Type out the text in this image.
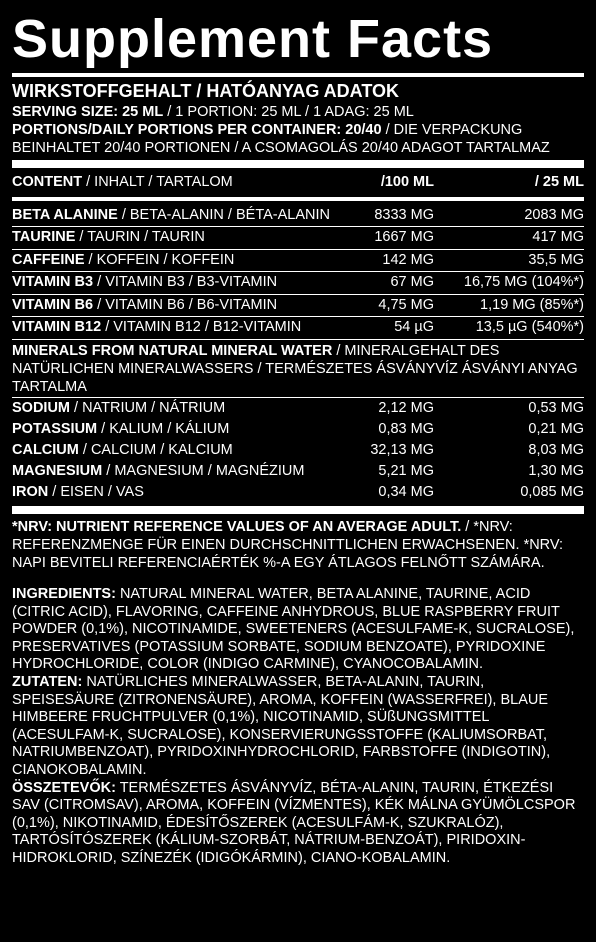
Supplement Facts
WIRKSTOFFGEHALT / HATÓANYAG ADATOK
SERVING SIZE: 25 ML / 1 PORTION: 25 ML / 1 ADAG: 25 ML
PORTIONS/DAILY PORTIONS PER CONTAINER: 20/40 / DIE VERPACKUNG BEINHALTET 20/40 PORTIONEN / A CSOMAGOLÁS 20/40 ADAGOT TARTALMAZ
CONTENT / INHALT / TARTALOM	/100 ML	/ 25 ML
BETA ALANINE / BETA-ALANIN / BÉTA-ALANIN	8333 MG	2083 MG
TAURINE / TAURIN / TAURIN	1667 MG	417 MG
CAFFEINE / KOFFEIN / KOFFEIN	142 MG	35,5 MG
VITAMIN B3 / VITAMIN B3 / B3-VITAMIN	67 MG	16,75 MG (104%*)
VITAMIN B6 / VITAMIN B6 / B6-VITAMIN	4,75 MG	1,19 MG (85%*)
VITAMIN B12 / VITAMIN B12 / B12-VITAMIN	54 µG	13,5 µG (540%*)
MINERALS FROM NATURAL MINERAL WATER / MINERALGEHALT DES NATÜRLICHEN MINERALWASSERS / TERMÉSZETES ÁSVÁNYVÍZ ÁSVÁNYI ANYAG TARTALMA
SODIUM / NATRIUM / NÁTRIUM	2,12 MG	0,53 MG
POTASSIUM / KALIUM / KÁLIUM	0,83 MG	0,21 MG
CALCIUM / CALCIUM / KALCIUM	32,13 MG	8,03 MG
MAGNESIUM / MAGNESIUM / MAGNÉZIUM	5,21 MG	1,30 MG
IRON / EISEN / VAS	0,34 MG	0,085 MG

*NRV: NUTRIENT REFERENCE VALUES OF AN AVERAGE ADULT. / *NRV: REFERENZMENGE FÜR EINEN DURCHSCHNITTLICHEN ERWACHSENEN. *NRV: NAPI BEVITELI REFERENCIAÉRTÉK %-A EGY ÁTLAGOS FELNŐTT SZÁMÁRA.

INGREDIENTS: NATURAL MINERAL WATER, BETA ALANINE, TAURINE, ACID (CITRIC ACID), FLAVORING, CAFFEINE ANHYDROUS, BLUE RASPBERRY FRUIT POWDER (0,1%), NICOTINAMIDE, SWEETENERS (ACESULFAME-K, SUCRALOSE), PRESERVATIVES (POTASSIUM SORBATE, SODIUM BENZOATE), PYRIDOXINE HYDROCHLORIDE, COLOR (INDIGO CARMINE), CYANOCOBALAMIN.

ZUTATEN: NATÜRLICHES MINERALWASSER, BETA-ALANIN, TAURIN, SPEISESÄURE (ZITRONENSÄURE), AROMA, KOFFEIN (WASSERFREI), BLAUE HIMBEERE FRUCHTPULVER (0,1%), NICOTINAMID, SÜßUNGSMITTEL (ACESULFAM-K, SUCRALOSE), KONSERVIERUNGSSTOFFE (KALIUMSORBAT, NATRIUMBENZOAT), PYRIDOXINHYDROCHLORID, FARBSTOFFE (INDIGOTIN), CIANOKOBALAMIN.

ÖSSZETEVŐK: TERMÉSZETES ÁSVÁNYVÍZ, BÉTA-ALANIN, TAURIN, ÉTKEZÉSI SAV (CITROMSAV), AROMA, KOFFEIN (VÍZMENTES), KÉK MÁLNA GYÜMÖLCSPOR (0,1%), NIKOTINAMID, ÉDESÍTŐSZEREK (ACESULFÁM-K, SZUKRALÓZ), TARTÓSÍTÓSZEREK (KÁLIUM-SZORBÁT, NÁTRIUM-BENZOÁT), PIRIDOXIN-HIDROKLORID, SZÍNEZÉK (IDIGÓKÁRMIN), CIANO-KOBALAMIN.
